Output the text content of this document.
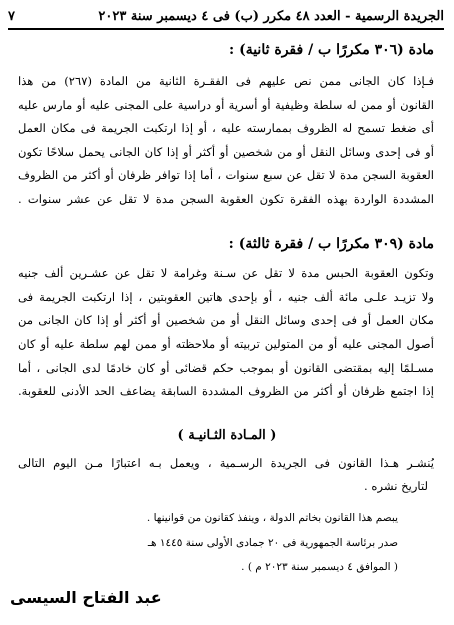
الجريدة الرسمية - العدد ٤٨ مكرر (ب) فى ٤ ديسمبر سنة ٢٠٢٣
٧
مادة (٣٠٦ مكررًا ب / فقرة ثانية) :
فـإذا كان الجانى ممن نص عليهم فى الفقـرة الثانية من المادة (٢٦٧) من هذا
القانون أو ممن له سلطة وظيفية أو أسرية أو دراسية على المجنى عليه أو مارس عليه
أى ضغط تسمح له الظروف بممارسته عليه ، أو إذا ارتكبت الجريمة فى مكان العمل
أو فى إحدى وسائل النقل أو من شخصين أو أكثر أو إذا كان الجانى يحمل سلاحًا تكون
العقوبة السجن مدة لا تقل عن سبع سنوات ، أما إذا توافر ظرفان أو أكثر من الظروف
المشددة الواردة بهذه الفقرة تكون العقوبة السجن مدة لا تقل عن عشر سنوات .
مادة (٣٠٩ مكررًا ب / فقرة ثالثة) :
وتكون العقوبة الحبس مدة لا تقل عن سـنة وغرامة لا تقل عن عشـرين ألف جنيه
ولا تزيـد علـى مائة ألف جنيه ، أو بإحدى هاتين العقوبتين ، إذا ارتكبت الجريمة فى
مكان العمل أو فى إحدى وسائل النقل أو من شخصين أو أكثر أو إذا كان الجانى من
أصول المجنى عليه أو من المتولين تربيته أو ملاحظته أو ممن لهم سلطة عليه أو كان
مسـلمًا إليه بمقتضى القانون أو بموجب حكم قضائى أو كان خادمًا لدى الجانى ، أما
إذا اجتمع ظرفان أو أكثر من الظروف المشددة السابقة يضاعف الحد الأدنى للعقوبة.
( المـادة الثـانيـة )
يُنشـر هـذا القانون فى الجريدة الرسـمية ، ويعمل بـه اعتبارًا مـن اليوم التالى
لتاريخ نشره .
يبصم هذا القانون بخاتم الدولة ، وينفذ كقانون من قوانينها .
صدر برئاسة الجمهورية فى ٢٠ جمادى الأولى سنة ١٤٤٥ هـ
( الموافق ٤ ديسمبر سنة ٢٠٢٣ م ) .
عبد الفتاح السيسى
